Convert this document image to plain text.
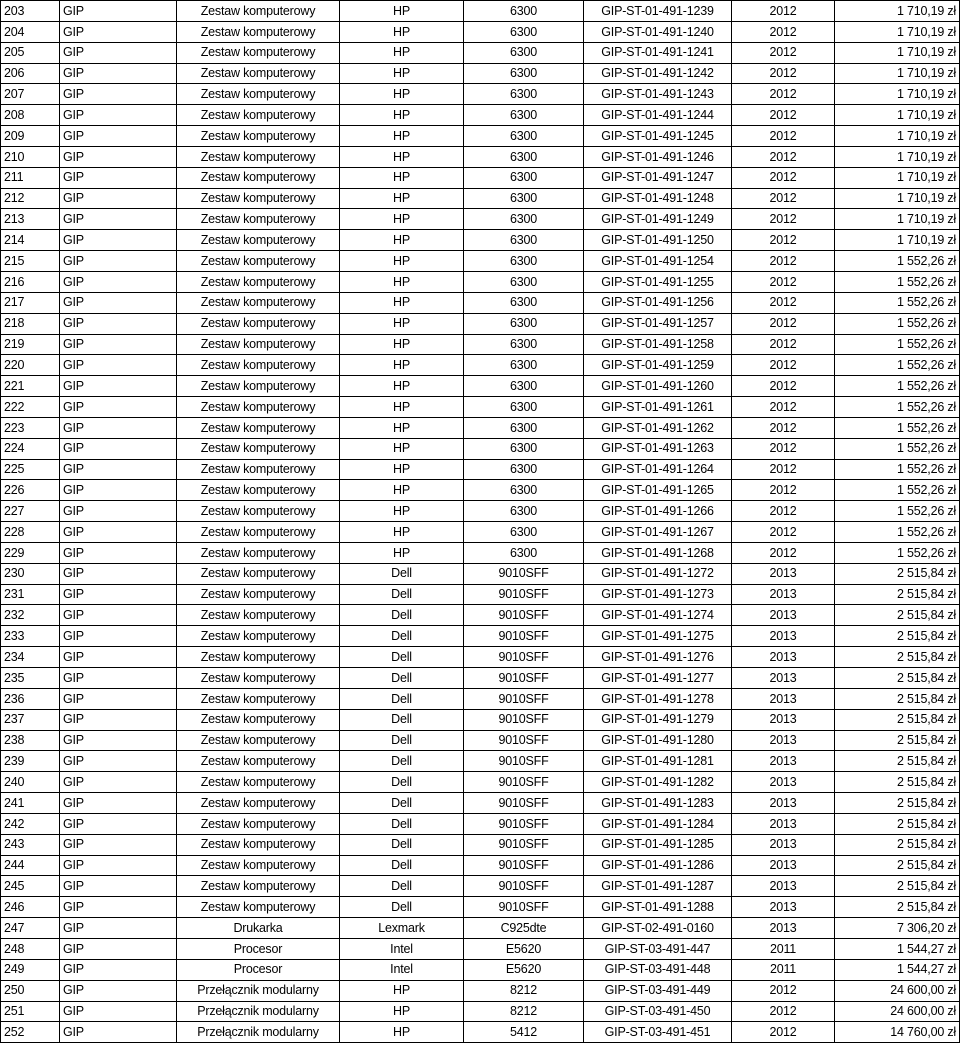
203	GIP	Zestaw komputerowy	HP	6300	GIP-ST-01-491-1239	2012	1 710,19 zł
204	GIP	Zestaw komputerowy	HP	6300	GIP-ST-01-491-1240	2012	1 710,19 zł
205	GIP	Zestaw komputerowy	HP	6300	GIP-ST-01-491-1241	2012	1 710,19 zł
206	GIP	Zestaw komputerowy	HP	6300	GIP-ST-01-491-1242	2012	1 710,19 zł
207	GIP	Zestaw komputerowy	HP	6300	GIP-ST-01-491-1243	2012	1 710,19 zł
208	GIP	Zestaw komputerowy	HP	6300	GIP-ST-01-491-1244	2012	1 710,19 zł
209	GIP	Zestaw komputerowy	HP	6300	GIP-ST-01-491-1245	2012	1 710,19 zł
210	GIP	Zestaw komputerowy	HP	6300	GIP-ST-01-491-1246	2012	1 710,19 zł
211	GIP	Zestaw komputerowy	HP	6300	GIP-ST-01-491-1247	2012	1 710,19 zł
212	GIP	Zestaw komputerowy	HP	6300	GIP-ST-01-491-1248	2012	1 710,19 zł
213	GIP	Zestaw komputerowy	HP	6300	GIP-ST-01-491-1249	2012	1 710,19 zł
214	GIP	Zestaw komputerowy	HP	6300	GIP-ST-01-491-1250	2012	1 710,19 zł
215	GIP	Zestaw komputerowy	HP	6300	GIP-ST-01-491-1254	2012	1 552,26 zł
216	GIP	Zestaw komputerowy	HP	6300	GIP-ST-01-491-1255	2012	1 552,26 zł
217	GIP	Zestaw komputerowy	HP	6300	GIP-ST-01-491-1256	2012	1 552,26 zł
218	GIP	Zestaw komputerowy	HP	6300	GIP-ST-01-491-1257	2012	1 552,26 zł
219	GIP	Zestaw komputerowy	HP	6300	GIP-ST-01-491-1258	2012	1 552,26 zł
220	GIP	Zestaw komputerowy	HP	6300	GIP-ST-01-491-1259	2012	1 552,26 zł
221	GIP	Zestaw komputerowy	HP	6300	GIP-ST-01-491-1260	2012	1 552,26 zł
222	GIP	Zestaw komputerowy	HP	6300	GIP-ST-01-491-1261	2012	1 552,26 zł
223	GIP	Zestaw komputerowy	HP	6300	GIP-ST-01-491-1262	2012	1 552,26 zł
224	GIP	Zestaw komputerowy	HP	6300	GIP-ST-01-491-1263	2012	1 552,26 zł
225	GIP	Zestaw komputerowy	HP	6300	GIP-ST-01-491-1264	2012	1 552,26 zł
226	GIP	Zestaw komputerowy	HP	6300	GIP-ST-01-491-1265	2012	1 552,26 zł
227	GIP	Zestaw komputerowy	HP	6300	GIP-ST-01-491-1266	2012	1 552,26 zł
228	GIP	Zestaw komputerowy	HP	6300	GIP-ST-01-491-1267	2012	1 552,26 zł
229	GIP	Zestaw komputerowy	HP	6300	GIP-ST-01-491-1268	2012	1 552,26 zł
230	GIP	Zestaw komputerowy	Dell	9010SFF	GIP-ST-01-491-1272	2013	2 515,84 zł
231	GIP	Zestaw komputerowy	Dell	9010SFF	GIP-ST-01-491-1273	2013	2 515,84 zł
232	GIP	Zestaw komputerowy	Dell	9010SFF	GIP-ST-01-491-1274	2013	2 515,84 zł
233	GIP	Zestaw komputerowy	Dell	9010SFF	GIP-ST-01-491-1275	2013	2 515,84 zł
234	GIP	Zestaw komputerowy	Dell	9010SFF	GIP-ST-01-491-1276	2013	2 515,84 zł
235	GIP	Zestaw komputerowy	Dell	9010SFF	GIP-ST-01-491-1277	2013	2 515,84 zł
236	GIP	Zestaw komputerowy	Dell	9010SFF	GIP-ST-01-491-1278	2013	2 515,84 zł
237	GIP	Zestaw komputerowy	Dell	9010SFF	GIP-ST-01-491-1279	2013	2 515,84 zł
238	GIP	Zestaw komputerowy	Dell	9010SFF	GIP-ST-01-491-1280	2013	2 515,84 zł
239	GIP	Zestaw komputerowy	Dell	9010SFF	GIP-ST-01-491-1281	2013	2 515,84 zł
240	GIP	Zestaw komputerowy	Dell	9010SFF	GIP-ST-01-491-1282	2013	2 515,84 zł
241	GIP	Zestaw komputerowy	Dell	9010SFF	GIP-ST-01-491-1283	2013	2 515,84 zł
242	GIP	Zestaw komputerowy	Dell	9010SFF	GIP-ST-01-491-1284	2013	2 515,84 zł
243	GIP	Zestaw komputerowy	Dell	9010SFF	GIP-ST-01-491-1285	2013	2 515,84 zł
244	GIP	Zestaw komputerowy	Dell	9010SFF	GIP-ST-01-491-1286	2013	2 515,84 zł
245	GIP	Zestaw komputerowy	Dell	9010SFF	GIP-ST-01-491-1287	2013	2 515,84 zł
246	GIP	Zestaw komputerowy	Dell	9010SFF	GIP-ST-01-491-1288	2013	2 515,84 zł
247	GIP	Drukarka	Lexmark	C925dte	GIP-ST-02-491-0160	2013	7 306,20 zł
248	GIP	Procesor	Intel	E5620	GIP-ST-03-491-447	2011	1 544,27 zł
249	GIP	Procesor	Intel	E5620	GIP-ST-03-491-448	2011	1 544,27 zł
250	GIP	Przełącznik modularny	HP	8212	GIP-ST-03-491-449	2012	24 600,00 zł
251	GIP	Przełącznik modularny	HP	8212	GIP-ST-03-491-450	2012	24 600,00 zł
252	GIP	Przełącznik modularny	HP	5412	GIP-ST-03-491-451	2012	14 760,00 zł
